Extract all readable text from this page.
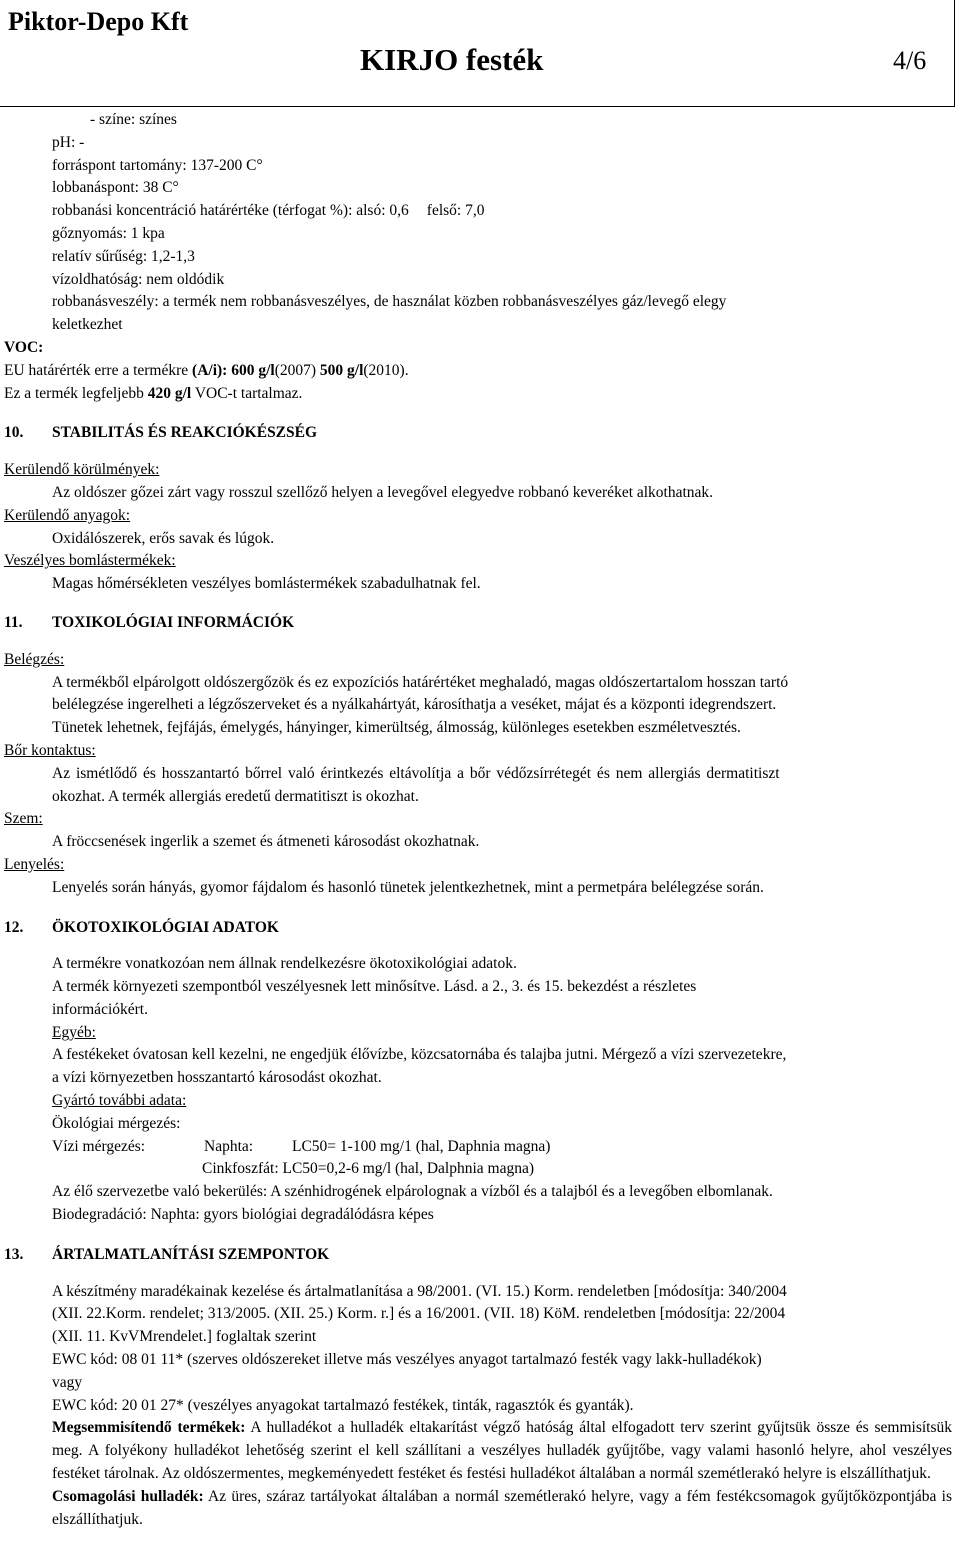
Piktor-Depo Kft
KIRJO festék	4/6
- színe: színes
pH: -
forráspont tartomány: 137-200 C°
lobbanáspont: 38 C°
robbanási koncentráció határértéke (térfogat %): alsó: 0,6 felső: 7,0
gőznyomás: 1 kpa
relatív sűrűség: 1,2-1,3
vízoldhatóság: nem oldódik
robbanásveszély: a termék nem robbanásveszélyes, de használat közben robbanásveszélyes gáz/levegő elegy
keletkezhet
VOC:
EU határérték erre a termékre (A/i): 600 g/l(2007) 500 g/l(2010).
Ez a termék legfeljebb 420 g/l VOC-t tartalmaz.
10. STABILITÁS ÉS REAKCIÓKÉSZSÉG
Kerülendő körülmények:
Az oldószer gőzei zárt vagy rosszul szellőző helyen a levegővel elegyedve robbanó keveréket alkothatnak.
Kerülendő anyagok:
Oxidálószerek, erős savak és lúgok.
Veszélyes bomlástermékek:
Magas hőmérsékleten veszélyes bomlástermékek szabadulhatnak fel.
11. TOXIKOLÓGIAI INFORMÁCIÓK
Belégzés:
A termékből elpárolgott oldószergőzök és ez expozíciós határértéket meghaladó, magas oldószertartalom hosszan tartó
belélegzése ingerelheti a légzőszerveket és a nyálkahártyát, károsíthatja a veséket, májat és a központi idegrendszert.
Tünetek lehetnek, fejfájás, émelygés, hányinger, kimerültség, álmosság, különleges esetekben eszméletvesztés.
Bőr kontaktus:
Az ismétlődő és hosszantartó bőrrel való érintkezés eltávolítja a bőr védőzsírrétegét és nem allergiás dermatitiszt
okozhat. A termék allergiás eredetű dermatitiszt is okozhat.
Szem:
A fröccsenések ingerlik a szemet és átmeneti károsodást okozhatnak.
Lenyelés:
Lenyelés során hányás, gyomor fájdalom és hasonló tünetek jelentkezhetnek, mint a permetpára belélegzése során.
12. ÖKOTOXIKOLÓGIAI ADATOK
A termékre vonatkozóan nem állnak rendelkezésre ökotoxikológiai adatok.
A termék környezeti szempontból veszélyesnek lett minősítve. Lásd. a 2., 3. és 15. bekezdést a részletes
információkért.
Egyéb:
A festékeket óvatosan kell kezelni, ne engedjük élővízbe, közcsatornába és talajba jutni. Mérgező a vízi szervezetekre,
a vízi környezetben hosszantartó károsodást okozhat.
Gyártó további adata:
Ökológiai mérgezés:
Vízi mérgezés:	Naphta:	LC50= 1-100 mg/1 (hal, Daphnia magna)
Cinkfoszfát: LC50=0,2-6 mg/l (hal, Dalphnia magna)
Az élő szervezetbe való bekerülés: A szénhidrogének elpárolognak a vízből és a talajból és a levegőben elbomlanak.
Biodegradáció: Naphta: gyors biológiai degradálódásra képes
13. ÁRTALMATLANÍTÁSI SZEMPONTOK
A készítmény maradékainak kezelése és ártalmatlanítása a 98/2001. (VI. 15.) Korm. rendeletben [módosítja: 340/2004
(XII. 22.Korm. rendelet; 313/2005. (XII. 25.) Korm. r.] és a 16/2001. (VII. 18) KöM. rendeletben [módosítja: 22/2004
(XII. 11. KvVMrendelet.] foglaltak szerint
EWC kód: 08 01 11* (szerves oldószereket illetve más veszélyes anyagot tartalmazó festék vagy lakk-hulladékok)
vagy
EWC kód: 20 01 27* (veszélyes anyagokat tartalmazó festékek, tinták, ragasztók és gyanták).
Megsemmisítendő termékek: A hulladékot a hulladék eltakarítást végző hatóság által elfogadott terv szerint gyűjtsük össze és semmisítsük meg. A folyékony hulladékot lehetőség szerint el kell szállítani a veszélyes hulladék gyűjtőbe, vagy valami hasonló helyre, ahol veszélyes festéket tárolnak. Az oldószermentes, megkeményedett festéket és festési hulladékot általában a normál szemétlerakó helyre is elszállíthatjuk.
Csomagolási hulladék: Az üres, száraz tartályokat általában a normál szemétlerakó helyre, vagy a fém festékcsomagok gyűjtőközpontjába is elszállíthatjuk.
